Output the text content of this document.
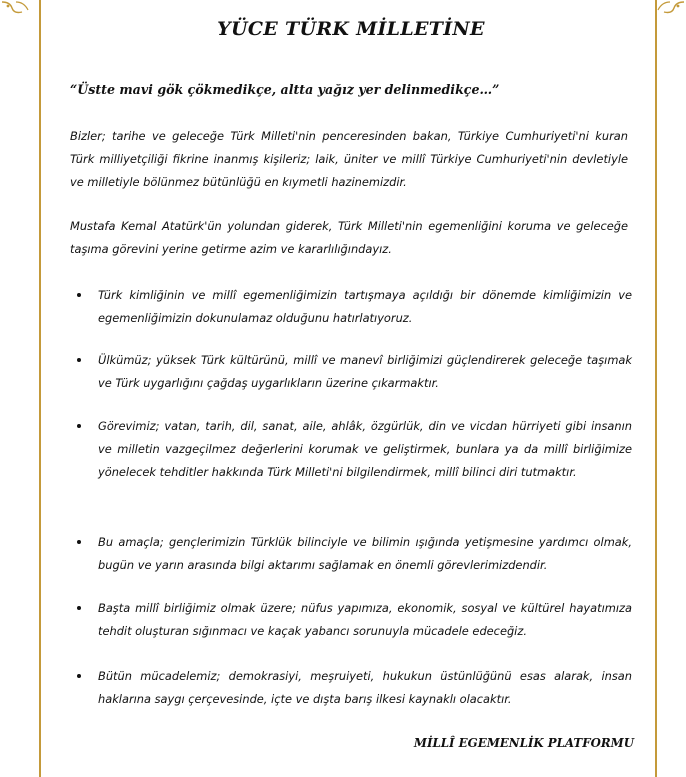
YÜCE TÜRK MİLLETİNE
“Üstte mavi gök çökmedikçe, altta yağız yer delinmedikçe…”
Bizler; tarihe ve geleceğe Türk Milleti'nin penceresinden bakan, Türkiye Cumhuriyeti'ni kuran Türk milliyetçiliği fikrine inanmış kişileriz; laik, üniter ve millî Türkiye Cumhuriyeti'nin devletiyle ve milletiyle bölünmez bütünlüğü en kıymetli hazinemizdir.
Mustafa Kemal Atatürk'ün yolundan giderek, Türk Milleti'nin egemenliğini koruma ve geleceğe taşıma görevini yerine getirme azim ve kararlılığındayız.
Türk kimliğinin ve millî egemenliğimizin tartışmaya açıldığı bir dönemde kimliğimizin ve egemenliğimizin dokunulamaz olduğunu hatırlatıyoruz.
Ülkümüz; yüksek Türk kültürünü, millî ve manevî birliğimizi güçlendirerek geleceğe taşımak ve Türk uygarlığını çağdaş uygarlıkların üzerine çıkarmaktır.
Görevimiz; vatan, tarih, dil, sanat, aile, ahlâk, özgürlük, din ve vicdan hürriyeti gibi insanın ve milletin vazgeçilmez değerlerini korumak ve geliştirmek, bunlara ya da millî birliğimize yönelecek tehditler hakkında Türk Milleti'ni bilgilendirmek, millî bilinci diri tutmaktır.
Bu amaçla; gençlerimizin Türklük bilinciyle ve bilimin ışığında yetişmesine yardımcı olmak, bugün ve yarın arasında bilgi aktarımı sağlamak en önemli görevlerimizdendir.
Başta millî birliğimiz olmak üzere; nüfus yapımıza, ekonomik, sosyal ve kültürel hayatımıza tehdit oluşturan sığınmacı ve kaçak yabancı sorunuyla mücadele edeceğiz.
Bütün mücadelemiz; demokrasiyi, meşruiyeti, hukukun üstünlüğünü esas alarak, insan haklarına saygı çerçevesinde, içte ve dışta barış ilkesi kaynaklı olacaktır.
MİLLÎ EGEMENLİK PLATFORMU
